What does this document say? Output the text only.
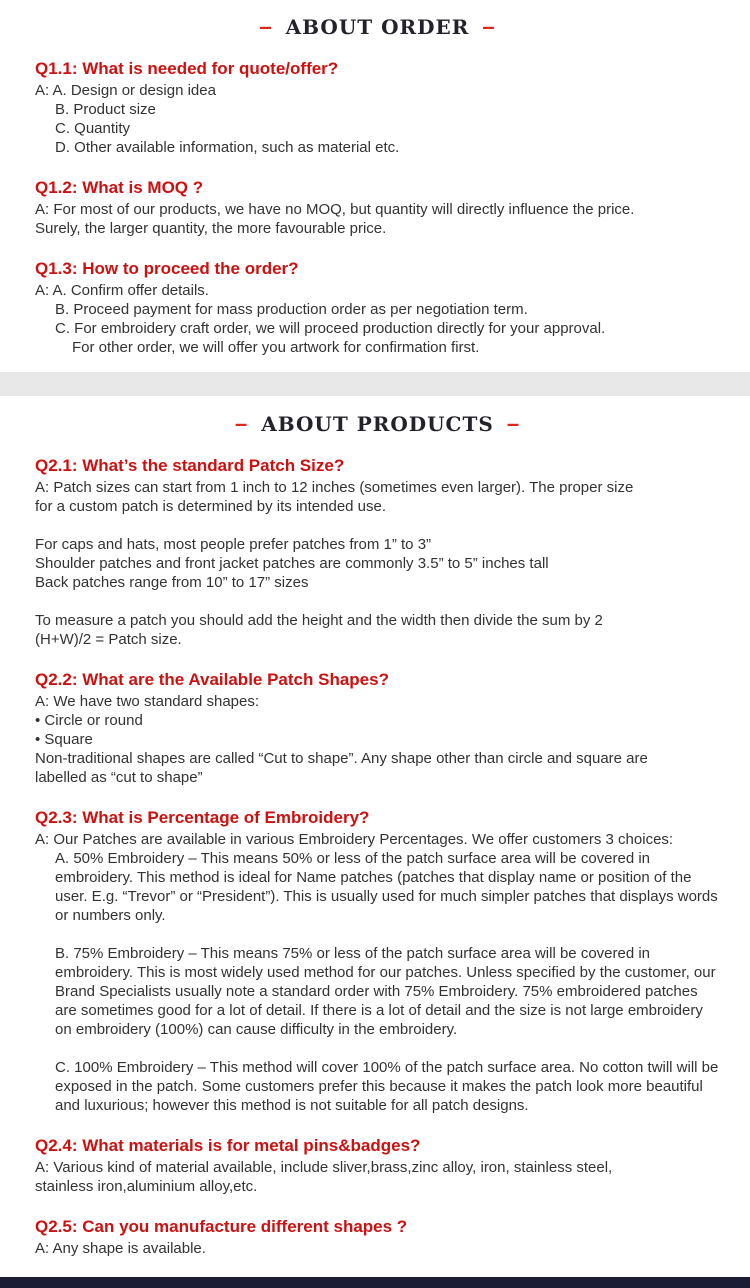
– ABOUT ORDER –
Q1.1: What is needed for quote/offer?

A: A. Design or design idea

B. Product size

C. Quantity

D. Other available information, such as material etc.

Q1.2: What is MOQ ?

A: For most of our products, we have no MOQ, but quantity will directly influence the price.

Surely, the larger quantity, the more favourable price.

Q1.3: How to proceed the order?

A: A. Confirm offer details.

B. Proceed payment for mass production order as per negotiation term.

C. For embroidery craft order, we will proceed production directly for your approval.

For other order, we will offer you artwork for confirmation first.

– ABOUT PRODUCTS –
Q2.1: What’s the standard Patch Size?

A: Patch sizes can start from 1 inch to 12 inches (sometimes even larger). The proper size

for a custom patch is determined by its intended use.

For caps and hats, most people prefer patches from 1” to 3”

Shoulder patches and front jacket patches are commonly 3.5” to 5” inches tall

Back patches range from 10” to 17” sizes

To measure a patch you should add the height and the width then divide the sum by 2

(H+W)/2 = Patch size.

Q2.2: What are the Available Patch Shapes?

A: We have two standard shapes:

• Circle or round

• Square

Non-traditional shapes are called “Cut to shape”. Any shape other than circle and square are

labelled as “cut to shape”

Q2.3: What is Percentage of Embroidery?

A: Our Patches are available in various Embroidery Percentages. We offer customers 3 choices:

A. 50% Embroidery – This means 50% or less of the patch surface area will be covered in embroidery. This method is ideal for Name patches (patches that display name or position of the user. E.g. “Trevor” or “President”). This is usually used for much simpler patches that displays words or numbers only.

B. 75% Embroidery – This means 75% or less of the patch surface area will be covered in embroidery. This is most widely used method for our patches. Unless specified by the customer, our Brand Specialists usually note a standard order with 75% Embroidery. 75% embroidered patches are sometimes good for a lot of detail. If there is a lot of detail and the size is not large embroidery on embroidery (100%) can cause difficulty in the embroidery.

C. 100% Embroidery – This method will cover 100% of the patch surface area. No cotton twill will be exposed in the patch. Some customers prefer this because it makes the patch look more beautiful and luxurious; however this method is not suitable for all patch designs.

Q2.4: What materials is for metal pins&badges?

A: Various kind of material available, include sliver,brass,zinc alloy, iron, stainless steel,

stainless iron,aluminium alloy,etc.

Q2.5: Can you manufacture different shapes ?

A: Any shape is available.
